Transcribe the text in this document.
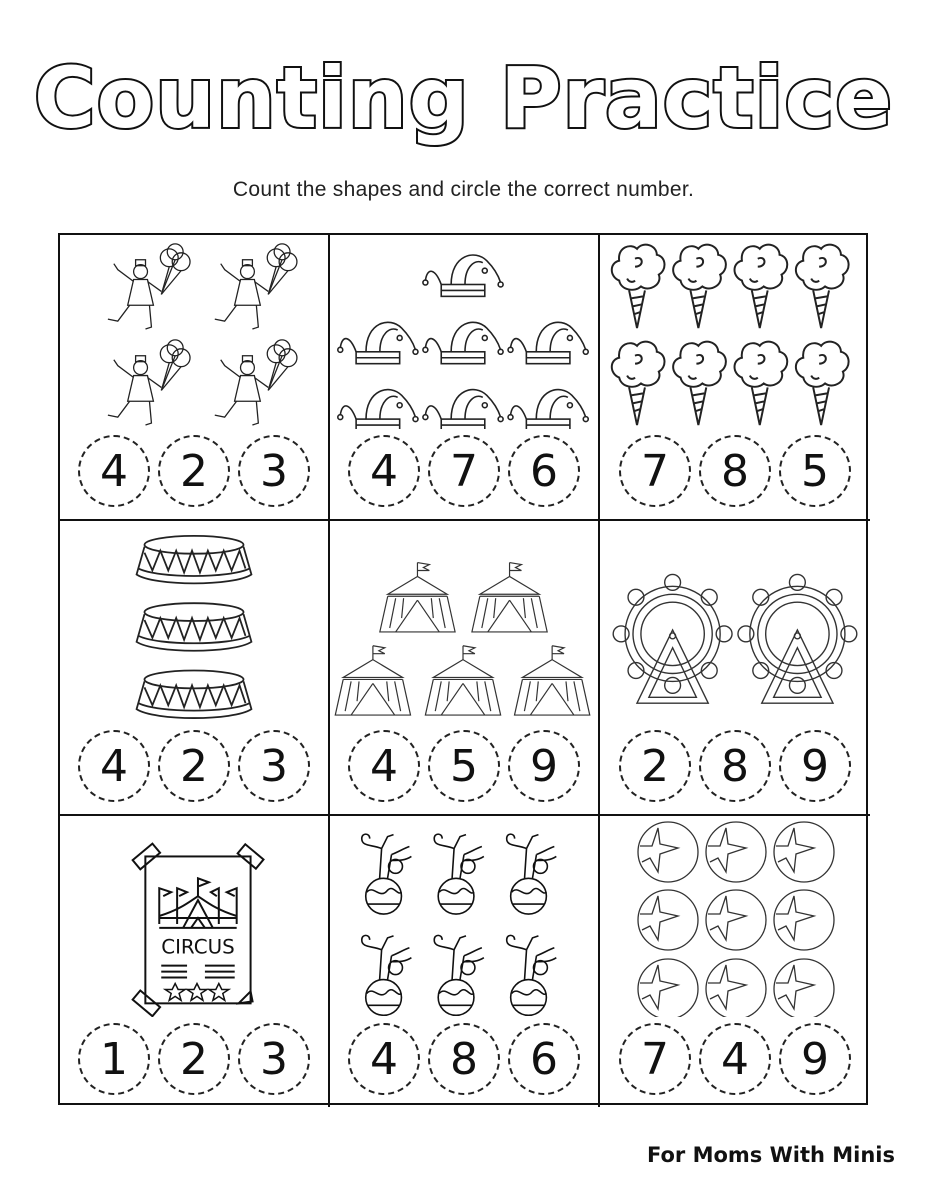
Counting Practice
Count the shapes and circle the correct number.
4	2	3	4	7	6	7	8	5
4	2	3	4	5	9	2	8	9
CIRCUS
1	2	3	4	8	6	7	4	9
For Moms With Minis
